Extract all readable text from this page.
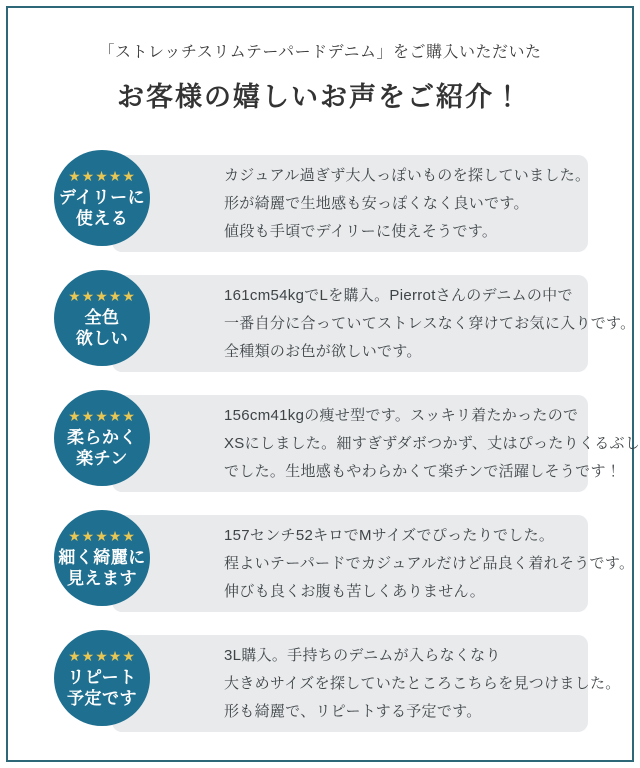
「ストレッチスリムテーパードデニム」をご購入いただいた
お客様の嬉しいお声をご紹介！
カジュアル過ぎず大人っぽいものを探していました。
形が綺麗で生地感も安っぽくなく良いです。
値段も手頃でデイリーに使えそうです。
★★★★★
デイリーに
使える
161cm54kgでLを購入。Pierrotさんのデニムの中で
一番自分に合っていてストレスなく穿けてお気に入りです。
全種類のお色が欲しいです。
★★★★★
全色
欲しい
156cm41kgの痩せ型です。スッキリ着たかったので
XSにしました。細すぎずダボつかず、丈はぴったりくるぶし
でした。生地感もやわらかくて楽チンで活躍しそうです！
★★★★★
柔らかく
楽チン
157センチ52キロでMサイズでぴったりでした。
程よいテーパードでカジュアルだけど品良く着れそうです。
伸びも良くお腹も苦しくありません。
★★★★★
細く綺麗に
見えます
3L購入。手持ちのデニムが入らなくなり
大きめサイズを探していたところこちらを見つけました。
形も綺麗で、リピートする予定です。
★★★★★
リピート
予定です
